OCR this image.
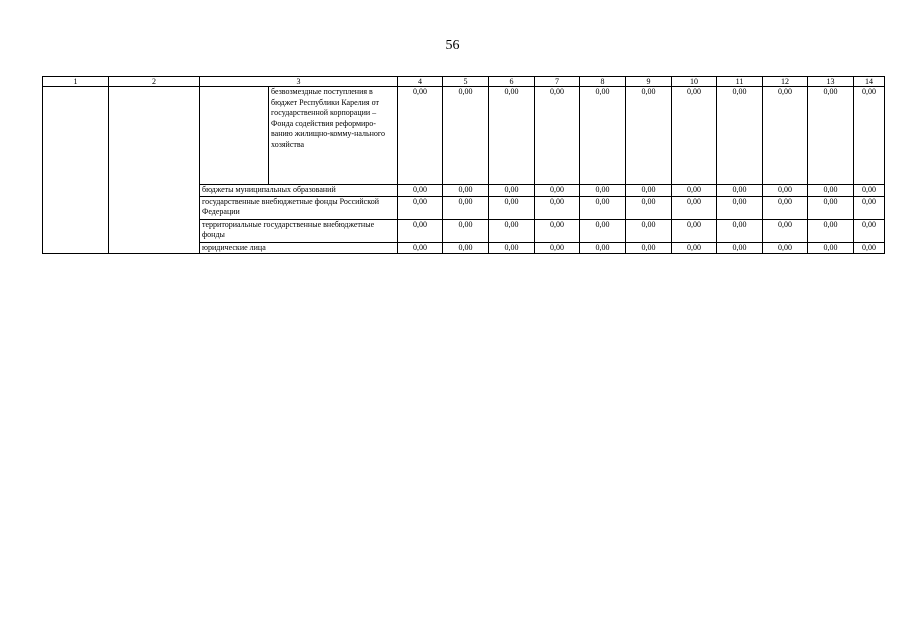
56
1	2	3		4	5	6	7	8	9	10	11	12	13	14
			безвозмездные поступления в бюджет Республики Карелия от государственной корпорации – Фонда содействия реформиро-ванию жилищно-комму-нального хозяйства	0,00	0,00	0,00	0,00	0,00	0,00	0,00	0,00	0,00	0,00	0,00
		бюджеты муниципальных образований		0,00	0,00	0,00	0,00	0,00	0,00	0,00	0,00	0,00	0,00	0,00
		государственные внебюджетные фонды Российской Федерации		0,00	0,00	0,00	0,00	0,00	0,00	0,00	0,00	0,00	0,00	0,00
		территориальные государственные внебюджетные фонды		0,00	0,00	0,00	0,00	0,00	0,00	0,00	0,00	0,00	0,00	0,00
		юридические лица		0,00	0,00	0,00	0,00	0,00	0,00	0,00	0,00	0,00	0,00	0,00
